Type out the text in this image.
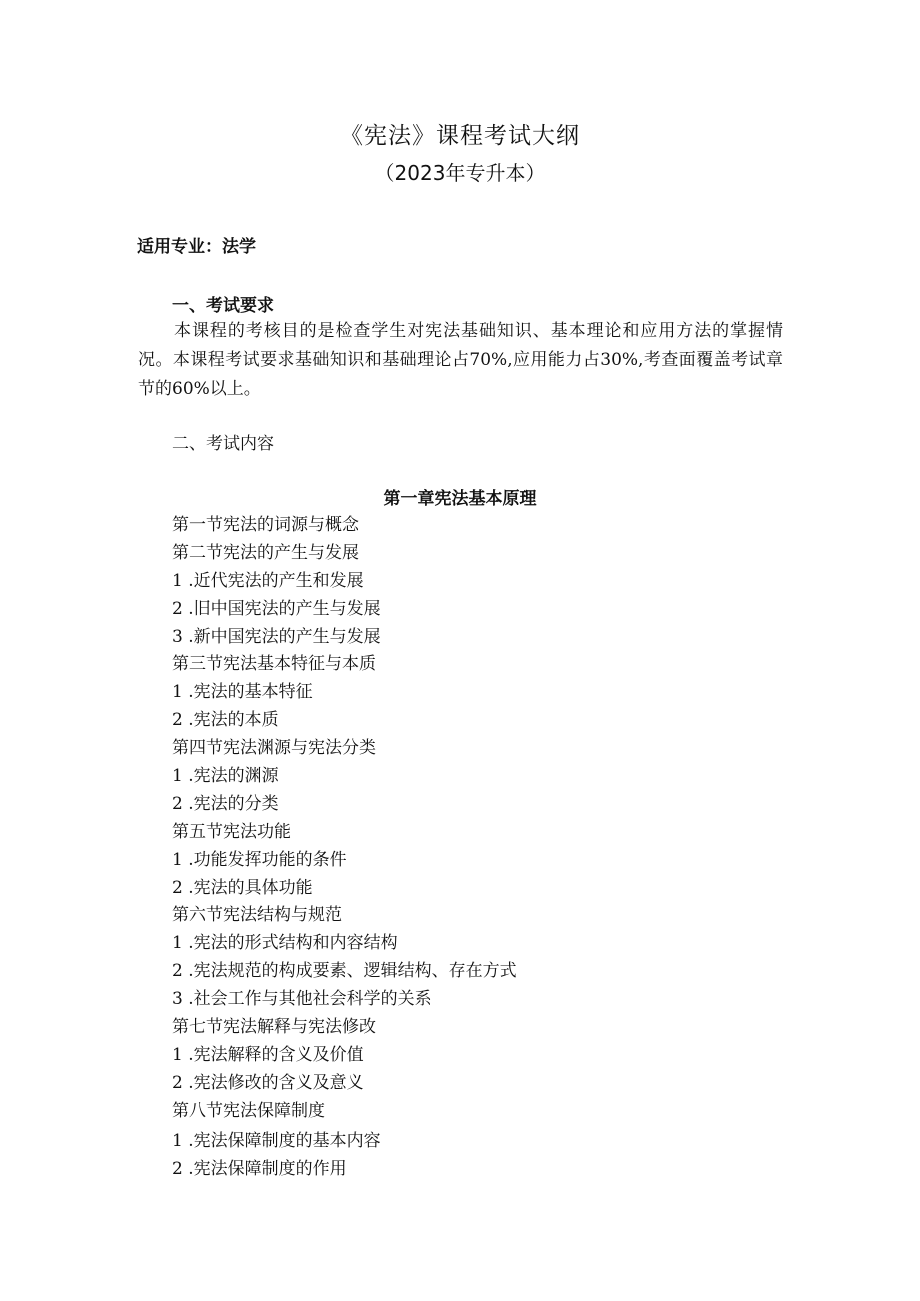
《宪法》课程考试大纲
（2023年专升本）
适用专业：法学
一、考试要求

本课程的考核目的是检查学生对宪法基础知识、基本理论和应用方法的掌握情况。本课程考试要求基础知识和基础理论占70%,应用能力占30%,考查面覆盖考试章节的60%以上。

二、考试内容
第一章宪法基本原理
第一节宪法的词源与概念
第二节宪法的产生与发展
1 .近代宪法的产生和发展
2 .旧中国宪法的产生与发展
3 .新中国宪法的产生与发展
第三节宪法基本特征与本质
1 .宪法的基本特征
2 .宪法的本质
第四节宪法渊源与宪法分类
1 .宪法的渊源
2 .宪法的分类
第五节宪法功能
1 .功能发挥功能的条件
2 .宪法的具体功能
第六节宪法结构与规范
1 .宪法的形式结构和内容结构
2 .宪法规范的构成要素、逻辑结构、存在方式
3 .社会工作与其他社会科学的关系
第七节宪法解释与宪法修改
1 .宪法解释的含义及价值
2 .宪法修改的含义及意义
第八节宪法保障制度
1 .宪法保障制度的基本内容
2 .宪法保障制度的作用
